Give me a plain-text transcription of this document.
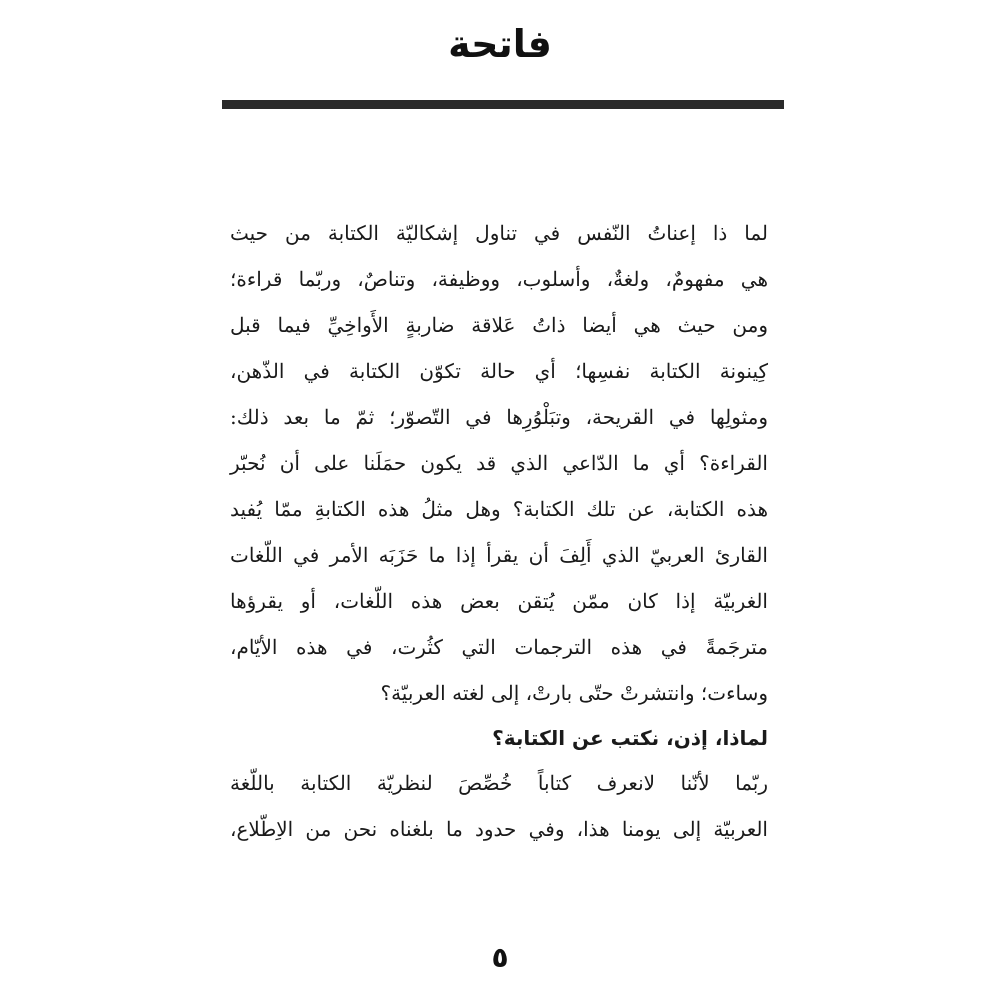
فاتحة
لما ذا إعناتُ النّفس في تناول إشكاليّة الكتابة من حيث
هي مفهومٌ، ولغةٌ، وأسلوب، ووظيفة، وتناصٌ، وربّما قراءة؛
ومن حيث هي أيضا ذاتُ عَلاقة ضاربةٍ الأَواخِيِّ فيما قبل
كِينونة الكتابة نفسِها؛ أي حالة تكوّن الكتابة في الذّهن،
ومثولِها في القريحة، وتبَلْوُرِها في التّصوّر؛ ثمّ ما بعد ذلك:
القراءة؟ أي ما الدّاعي الذي قد يكون حمَلَنا على أن نُحبّر
هذه الكتابة، عن تلك الكتابة؟ وهل مثلُ هذه الكتابةِ ممّا يُفيد
القارئ العربيّ الذي أَلِفَ أن يقرأ إذا ما حَزَبَه الأمر في اللّغات
الغربيّة إذا كان ممّن يُتقن بعض هذه اللّغات، أو يقرؤها
مترجَمةً في هذه الترجمات التي كثُرت، في هذه الأيّام،
وساءت؛ وانتشرتْ حتّى بارتْ، إلى لغته العربيّة؟
لماذا، إذن، نكتب عن الكتابة؟
ربّما لأنّنا لانعرف كتاباً خُصِّصَ لنظريّة الكتابة باللّغة
العربيّة إلى يومنا هذا، وفي حدود ما بلغناه نحن من الاِطّلاع،
٥
